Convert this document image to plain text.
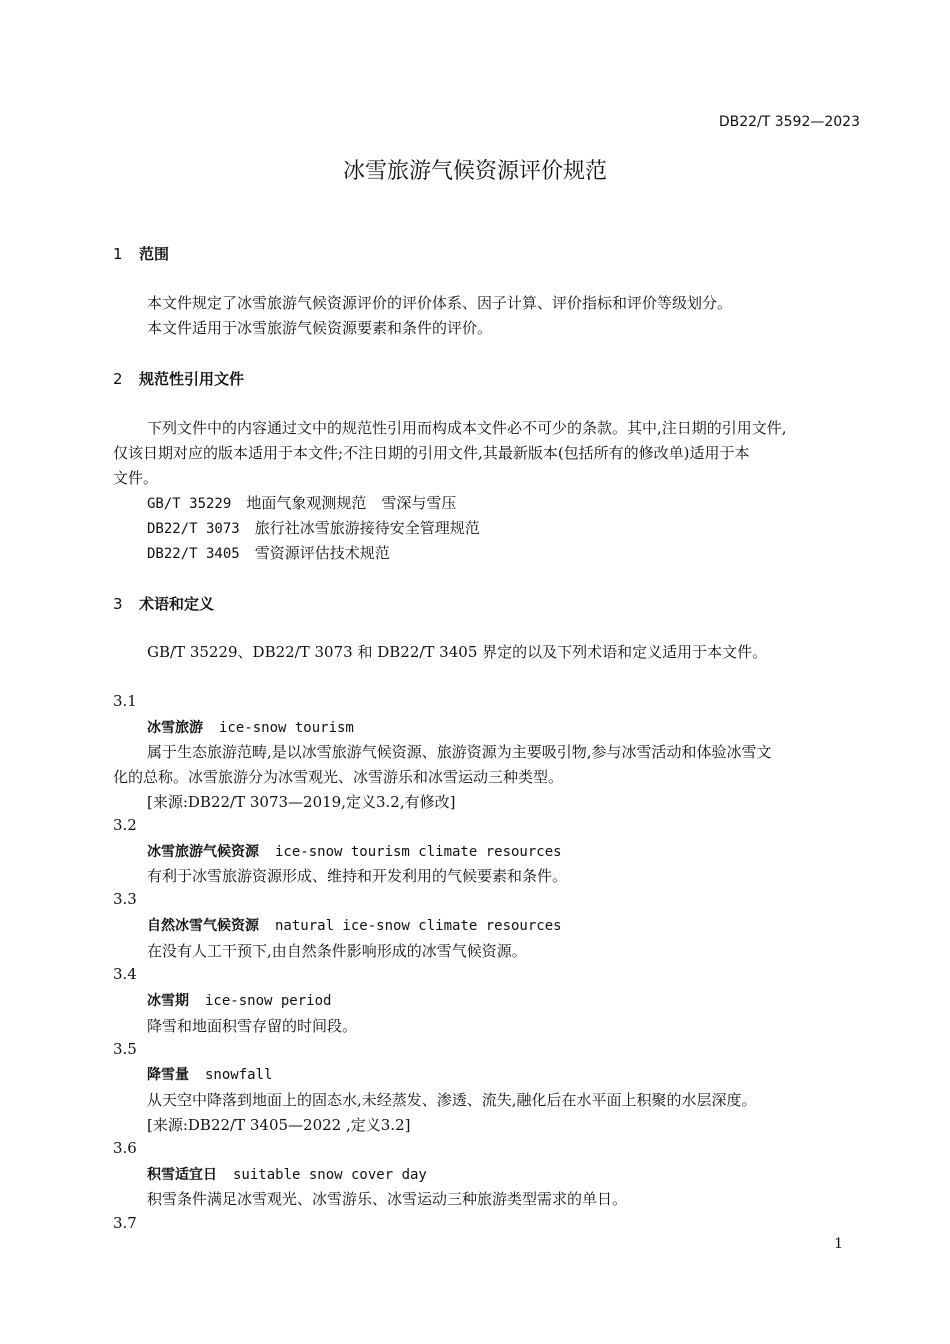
DB22/T 3592—2023
冰雪旅游气候资源评价规范
1 范围
本文件规定了冰雪旅游气候资源评价的评价体系、因子计算、评价指标和评价等级划分。
本文件适用于冰雪旅游气候资源要素和条件的评价。
2 规范性引用文件
下列文件中的内容通过文中的规范性引用而构成本文件必不可少的条款。其中,注日期的引用文件,
仅该日期对应的版本适用于本文件;不注日期的引用文件,其最新版本(包括所有的修改单)适用于本
文件。
GB/T 35229　 地面气象观测规范　雪深与雪压
DB22/T 3073　 旅行社冰雪旅游接待安全管理规范
DB22/T 3405　 雪资源评估技术规范
3 术语和定义
GB/T 35229、DB22/T 3073 和 DB22/T 3405 界定的以及下列术语和定义适用于本文件。
3.1
冰雪旅游 ice-snow tourism
属于生态旅游范畴,是以冰雪旅游气候资源、旅游资源为主要吸引物,参与冰雪活动和体验冰雪文
化的总称。冰雪旅游分为冰雪观光、冰雪游乐和冰雪运动三种类型。
[来源:DB22/T 3073—2019,定义3.2,有修改]
3.2
冰雪旅游气候资源 ice-snow tourism climate resources
有利于冰雪旅游资源形成、维持和开发利用的气候要素和条件。
3.3
自然冰雪气候资源 natural ice-snow climate resources
在没有人工干预下,由自然条件影响形成的冰雪气候资源。
3.4
冰雪期 ice-snow period
降雪和地面积雪存留的时间段。
3.5
降雪量 snowfall
从天空中降落到地面上的固态水,未经蒸发、渗透、流失,融化后在水平面上积聚的水层深度。
[来源:DB22/T 3405—2022 ,定义3.2]
3.6
积雪适宜日 suitable snow cover day
积雪条件满足冰雪观光、冰雪游乐、冰雪运动三种旅游类型需求的单日。
3.7
1
